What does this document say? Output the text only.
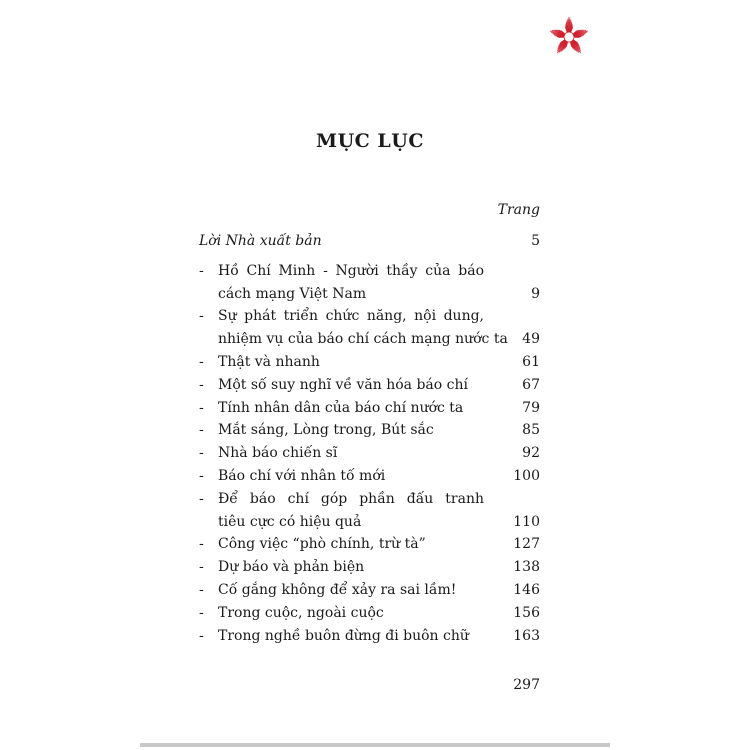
MỤC LỤC
Trang
Lời Nhà xuất bản	5
- Hồ Chí Minh - Người thầy của báo
cách mạng Việt Nam	9
- Sự phát triển chức năng, nội dung,
nhiệm vụ của báo chí cách mạng nước ta 49
- Thật và nhanh	61
- Một số suy nghĩ về văn hóa báo chí	67
- Tính nhân dân của báo chí nước ta	79
- Mắt sáng, Lòng trong, Bút sắc	85
- Nhà báo chiến sĩ	92
- Báo chí với nhân tố mới	100
- Để báo chí góp phần đấu tranh
tiêu cực có hiệu quả	110
- Công việc “phò chính, trừ tà”	127
- Dự báo và phản biện	138
- Cố gắng không để xảy ra sai lầm!	146
- Trong cuộc, ngoài cuộc	156
- Trong nghề buôn đừng đi buôn chữ	163
297
